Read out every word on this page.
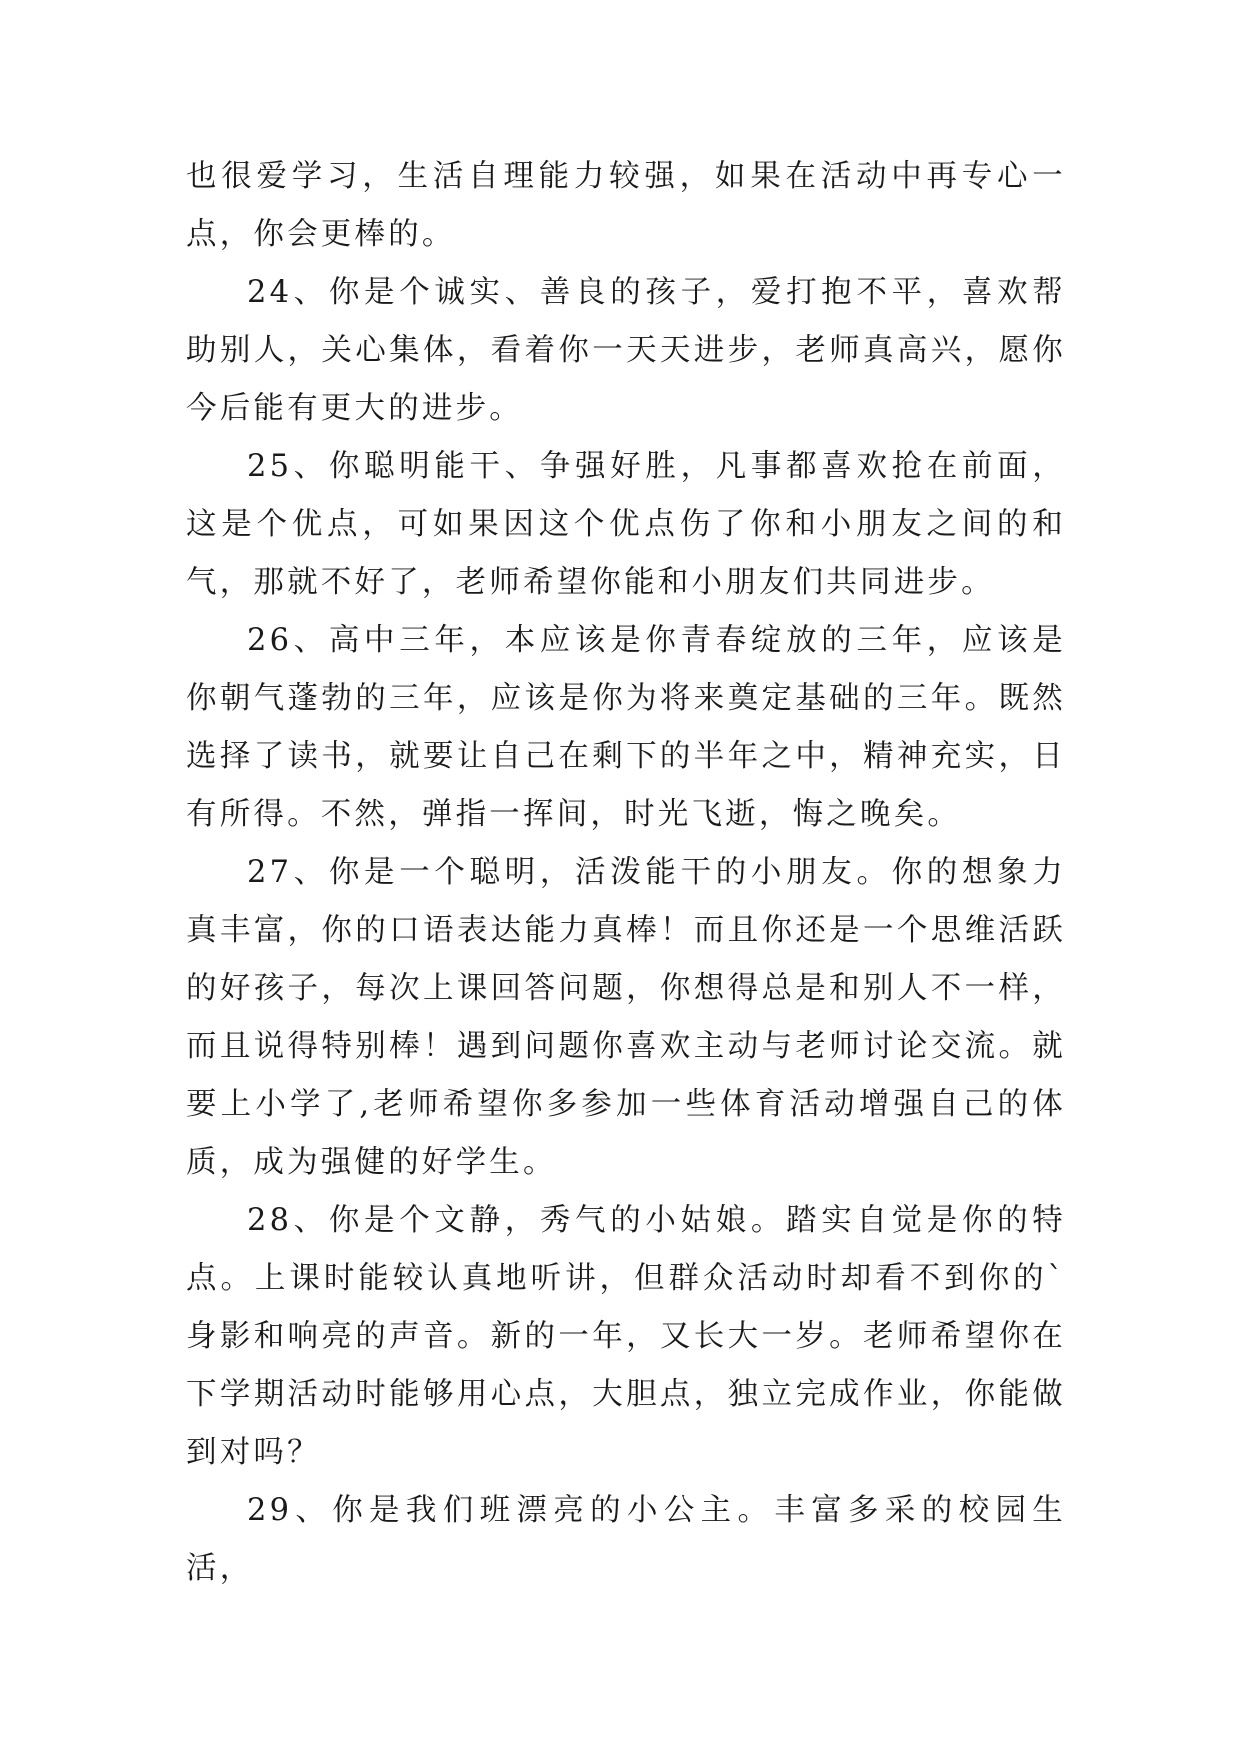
也很爱学习，生活自理能力较强，如果在活动中再专心一点，你会更棒的。

24、你是个诚实、善良的孩子，爱打抱不平，喜欢帮助别人，关心集体，看着你一天天进步，老师真高兴，愿你今后能有更大的进步。

25、你聪明能干、争强好胜，凡事都喜欢抢在前面，这是个优点，可如果因这个优点伤了你和小朋友之间的和气，那就不好了，老师希望你能和小朋友们共同进步。

26、高中三年，本应该是你青春绽放的三年，应该是你朝气蓬勃的三年，应该是你为将来奠定基础的三年。既然选择了读书，就要让自己在剩下的半年之中，精神充实，日有所得。不然，弹指一挥间，时光飞逝，悔之晚矣。

27、你是一个聪明，活泼能干的小朋友。你的想象力真丰富，你的口语表达能力真棒！而且你还是一个思维活跃的好孩子，每次上课回答问题，你想得总是和别人不一样，而且说得特别棒！遇到问题你喜欢主动与老师讨论交流。就要上小学了,老师希望你多参加一些体育活动增强自己的体质，成为强健的好学生。

28、你是个文静，秀气的小姑娘。踏实自觉是你的特点。上课时能较认真地听讲，但群众活动时却看不到你的`身影和响亮的声音。新的一年，又长大一岁。老师希望你在下学期活动时能够用心点，大胆点，独立完成作业，你能做到对吗？

29、你是我们班漂亮的小公主。丰富多采的校园生活，
